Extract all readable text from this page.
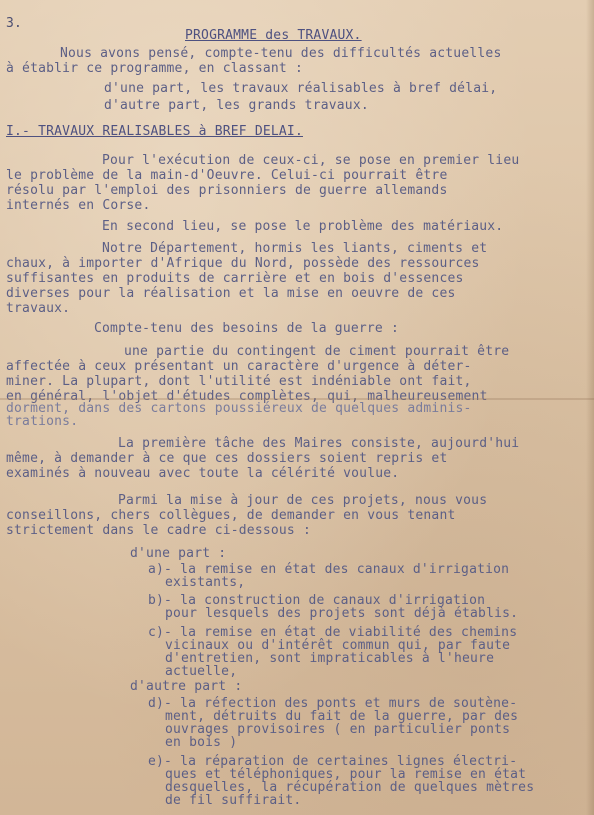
3.
PROGRAMME des TRAVAUX.
Nous avons pensé, compte-tenu des difficultés actuelles
à établir ce programme, en classant :
d'une part, les travaux réalisables à bref délai,
d'autre part, les grands travaux.
I.- TRAVAUX REALISABLES à BREF DELAI.
Pour l'exécution de ceux-ci, se pose en premier lieu
le problème de la main-d'Oeuvre. Celui-ci pourrait être
résolu par l'emploi des prisonniers de guerre allemands
internés en Corse.
En second lieu, se pose le problème des matériaux.
Notre Département, hormis les liants, ciments et
chaux, à importer d'Afrique du Nord, possède des ressources
suffisantes en produits de carrière et en bois d'essences
diverses pour la réalisation et la mise en oeuvre de ces
travaux.
Compte-tenu des besoins de la guerre :
une partie du contingent de ciment pourrait être
affectée à ceux présentant un caractère d'urgence à déter-
miner. La plupart, dont l'utilité est indéniable ont fait,
en général, l'objet d'études complètes, qui, malheureusement
dorment, dans des cartons poussiéreux de quelques adminis-
trations.
La première tâche des Maires consiste, aujourd'hui
même, à demander à ce que ces dossiers soient repris et
examinés à nouveau avec toute la célérité voulue.
Parmi la mise à jour de ces projets, nous vous
conseillons, chers collègues, de demander en vous tenant
strictement dans le cadre ci-dessous :
d'une part :
a)- la remise en état des canaux d'irrigation
existants,
b)- la construction de canaux d'irrigation
pour lesquels des projets sont déjà établis.
c)- la remise en état de viabilité des chemins
vicinaux ou d'intérêt commun qui, par faute
d'entretien, sont impraticables à l'heure
actuelle,
d'autre part :
d)- la réfection des ponts et murs de soutène-
ment, détruits du fait de la guerre, par des
ouvrages provisoires ( en particulier ponts
en bois )
e)- la réparation de certaines lignes électri-
ques et téléphoniques, pour la remise en état
desquelles, la récupération de quelques mètres
de fil suffirait.
